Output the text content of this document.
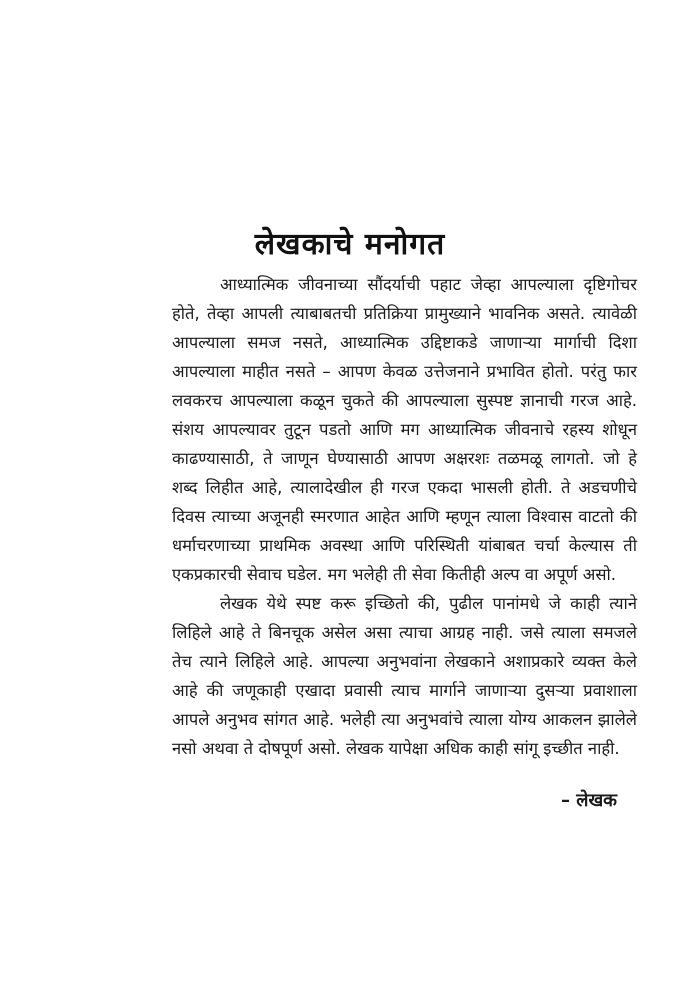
लेखकाचे मनोगत

आध्यात्मिक जीवनाच्या सौंदर्याची पहाट जेव्हा आपल्याला दृष्टिगोचर होते, तेव्हा आपली त्याबाबतची प्रतिक्रिया प्रामुख्याने भावनिक असते. त्यावेळी आपल्याला समज नसते, आध्यात्मिक उद्दिष्टाकडे जाणाऱ्या मार्गाची दिशा आपल्याला माहीत नसते – आपण केवळ उत्तेजनाने प्रभावित होतो. परंतु फार लवकरच आपल्याला कळून चुकते की आपल्याला सुस्पष्ट ज्ञानाची गरज आहे. संशय आपल्यावर तुटून पडतो आणि मग आध्यात्मिक जीवनाचे रहस्य शोधून काढण्यासाठी, ते जाणून घेण्यासाठी आपण अक्षरशः तळमळू लागतो. जो हे शब्द लिहीत आहे, त्यालादेखील ही गरज एकदा भासली होती. ते अडचणीचे दिवस त्याच्या अजूनही स्मरणात आहेत आणि म्हणून त्याला विश्वास वाटतो की धर्माचरणाच्या प्राथमिक अवस्था आणि परिस्थिती यांबाबत चर्चा केल्यास ती एकप्रकारची सेवाच घडेल. मग भलेही ती सेवा कितीही अल्प वा अपूर्ण असो.

लेखक येथे स्पष्ट करू इच्छितो की, पुढील पानांमधे जे काही त्याने लिहिले आहे ते बिनचूक असेल असा त्याचा आग्रह नाही. जसे त्याला समजले तेच त्याने लिहिले आहे. आपल्या अनुभवांना लेखकाने अशाप्रकारे व्यक्त केले आहे की जणूकाही एखादा प्रवासी त्याच मार्गाने जाणाऱ्या दुसऱ्या प्रवाशाला आपले अनुभव सांगत आहे. भलेही त्या अनुभवांचे त्याला योग्य आकलन झालेले नसो अथवा ते दोषपूर्ण असो. लेखक यापेक्षा अधिक काही सांगू इच्छीत नाही.

– लेखक
